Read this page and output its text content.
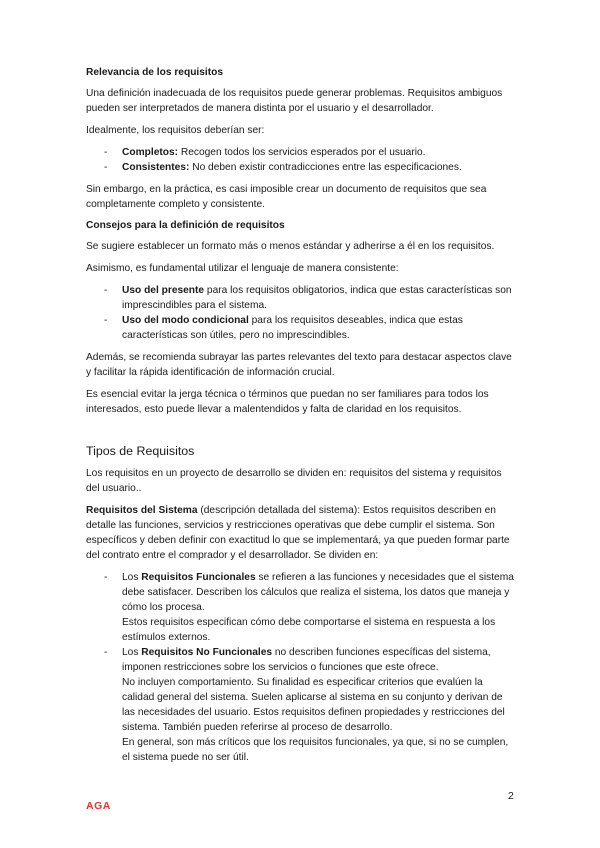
Relevancia de los requisitos

Una definición inadecuada de los requisitos puede generar problemas. Requisitos ambiguos pueden ser interpretados de manera distinta por el usuario y el desarrollador.

Idealmente, los requisitos deberían ser:

- Completos: Recogen todos los servicios esperados por el usuario.
- Consistentes: No deben existir contradicciones entre las especificaciones.

Sin embargo, en la práctica, es casi imposible crear un documento de requisitos que sea completamente completo y consistente.

Consejos para la definición de requisitos

Se sugiere establecer un formato más o menos estándar y adherirse a él en los requisitos.

Asimismo, es fundamental utilizar el lenguaje de manera consistente:

- Uso del presente para los requisitos obligatorios, indica que estas características son imprescindibles para el sistema.
- Uso del modo condicional para los requisitos deseables, indica que estas características son útiles, pero no imprescindibles.

Además, se recomienda subrayar las partes relevantes del texto para destacar aspectos clave y facilitar la rápida identificación de información crucial.

Es esencial evitar la jerga técnica o términos que puedan no ser familiares para todos los interesados, esto puede llevar a malentendidos y falta de claridad en los requisitos.

Tipos de Requisitos

Los requisitos en un proyecto de desarrollo se dividen en: requisitos del sistema y requisitos del usuario..

Requisitos del Sistema (descripción detallada del sistema): Estos requisitos describen en detalle las funciones, servicios y restricciones operativas que debe cumplir el sistema. Son específicos y deben definir con exactitud lo que se implementará, ya que pueden formar parte del contrato entre el comprador y el desarrollador. Se dividen en:

- Los Requisitos Funcionales se refieren a las funciones y necesidades que el sistema debe satisfacer. Describen los cálculos que realiza el sistema, los datos que maneja y cómo los procesa.
Estos requisitos especifican cómo debe comportarse el sistema en respuesta a los estímulos externos.
- Los Requisitos No Funcionales no describen funciones específicas del sistema, imponen restricciones sobre los servicios o funciones que este ofrece.
No incluyen comportamiento. Su finalidad es especificar criterios que evalúen la calidad general del sistema. Suelen aplicarse al sistema en su conjunto y derivan de las necesidades del usuario. Estos requisitos definen propiedades y restricciones del sistema. También pueden referirse al proceso de desarrollo.
En general, son más críticos que los requisitos funcionales, ya que, si no se cumplen, el sistema puede no ser útil.
2
AGA
